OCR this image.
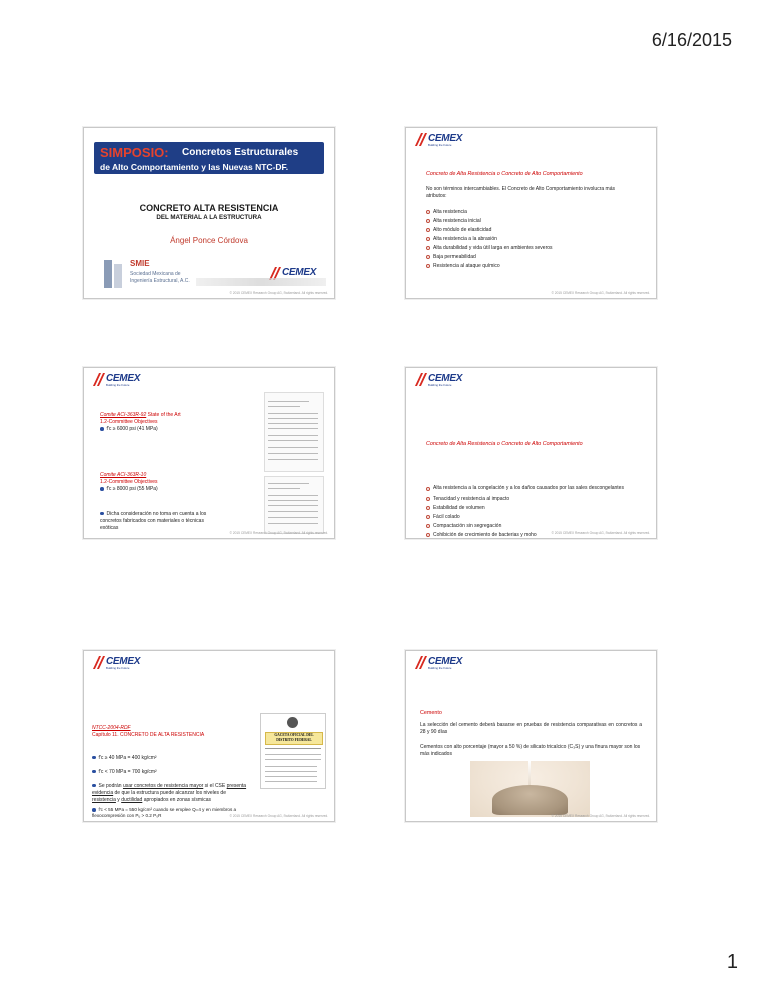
6/16/2015
SIMPOSIO: Concretos Estructurales
de Alto Comportamiento y las Nuevas NTC-DF.
CONCRETO ALTA RESISTENCIA
DEL MATERIAL A LA ESTRUCTURA
Ángel Ponce Córdova
SMIE
Sociedad Mexicana de
Ingeniería Estructural, A.C.
CEMEX
© 2015 CEMEX Research Group AG, Switzerland. All rights reserved.
CEMEX
Building the Future
Concreto de Alta Resistencia o Concreto de Alto Comportamiento
No son términos intercambiables. El Concreto de Alto Comportamiento involucra más atributos:
Alta resistencia
Alta resistencia inicial
Alto módulo de elasticidad
Alta resistencia a la abrasión
Alta durabilidad y vida útil larga en ambientes severos
Baja permeabilidad
Resistencia al ataque químico
© 2015 CEMEX Research Group AG, Switzerland. All rights reserved.
CEMEX
Building the Future
Comite ACI-363R-92 State of the Art
1.2-Committee Objectives
f'c ≥ 6000 psi (41 MPa)
Comite ACI-363R-10
1.2-Committee Objectives
f'c ≥ 8000 psi (55 MPa)
Dicha consideración no toma en cuenta a los concretos fabricados con materiales o técnicas exóticas
© 2015 CEMEX Research Group AG, Switzerland. All rights reserved.
CEMEX
Building the Future
Concreto de Alta Resistencia o Concreto de Alto Comportamiento
Alta resistencia a la congelación y a los daños causados por las sales descongelantes
Tenacidad y resistencia al impacto
Estabilidad de volumen
Fácil colado
Compactación sin segregación
Cohibición de crecimiento de bacterias y moho	© 2015 CEMEX Research Group AG, Switzerland. All rights reserved.
CEMEX
Building the Future
NTCC-2004-RDF
Capítulo 11. CONCRETO DE ALTA RESISTENCIA
f'c ≥ 40 MPa = 400 kg/cm²
f'c < 70 MPa = 700 kg/cm²
Se podrán usar concretos de resistencia mayor si el CSE presenta evidencia de que la estructura puede alcanzar los niveles de resistencia y ductilidad apropiados en zonas sísmicas
f'c < 55 MPa = 550 kg/cm² cuando se emplee Q=4 y en miembros a flexocompresión con Pᵤ > 0.2 P₀R
GACETA OFICIAL DEL
DISTRITO FEDERAL
© 2015 CEMEX Research Group AG, Switzerland. All rights reserved.
CEMEX
Building the Future
Cemento
La selección del cemento deberá basarse en pruebas de resistencia comparativas en concretos a 28 y 90 días
Cementos con alto porcentaje (mayor a 50 %) de silicato tricalcico (C₃S) y una finura mayor son los más indicados
© 2015 CEMEX Research Group AG, Switzerland. All rights reserved.
1
